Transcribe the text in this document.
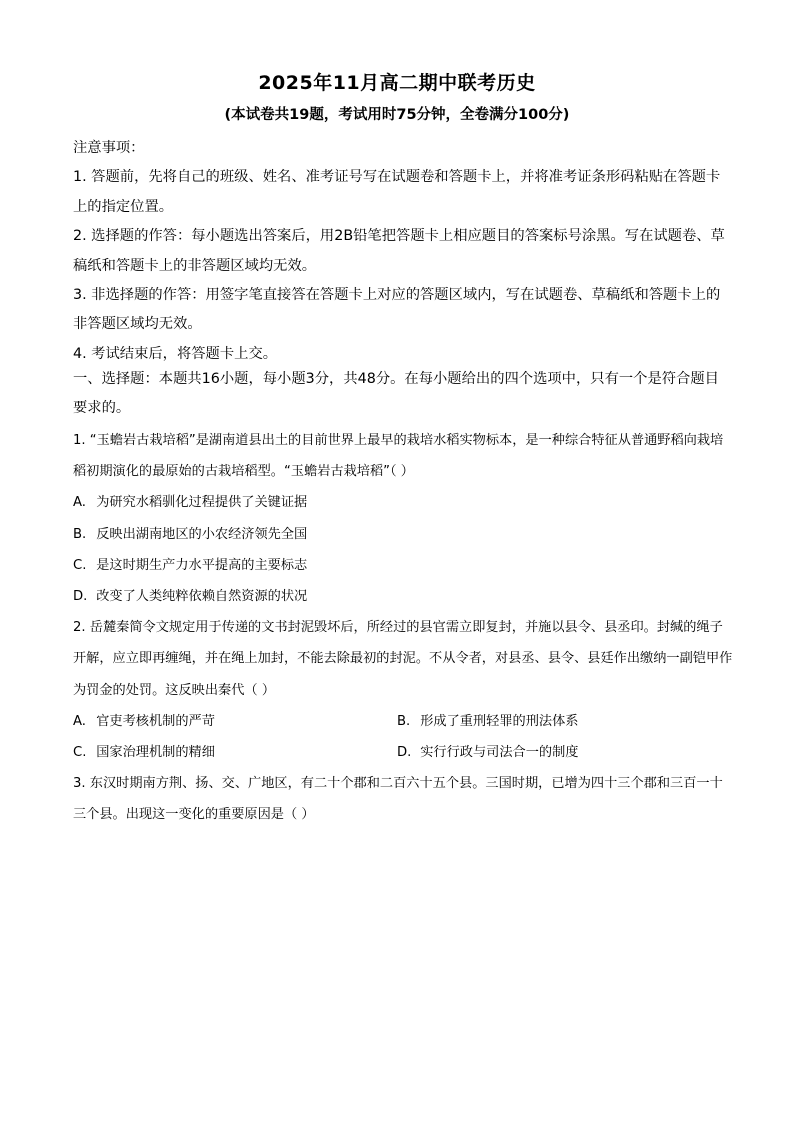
2025年11月高二期中联考历史
(本试卷共19题，考试用时75分钟，全卷满分100分)

注意事项：

1. 答题前，先将自己的班级、姓名、准考证号写在试题卷和答题卡上，并将准考证条形码粘贴在答题卡上的指定位置。

2. 选择题的作答：每小题选出答案后，用2B铅笔把答题卡上相应题目的答案标号涂黑。写在试题卷、草稿纸和答题卡上的非答题区域均无效。

3. 非选择题的作答：用签字笔直接答在答题卡上对应的答题区域内，写在试题卷、草稿纸和答题卡上的非答题区域均无效。

4. 考试结束后，将答题卡上交。

一、选择题：本题共16小题，每小题3分，共48分。在每小题给出的四个选项中，只有一个是符合题目要求的。

1. “玉蟾岩古栽培稻”是湖南道县出土的目前世界上最早的栽培水稻实物标本，是一种综合特征从普通野稻向栽培稻初期演化的最原始的古栽培稻型。“玉蟾岩古栽培稻”（ ）

A. 为研究水稻驯化过程提供了关键证据
B. 反映出湖南地区的小农经济领先全国
C. 是这时期生产力水平提高的主要标志
D. 改变了人类纯粹依赖自然资源的状况

2. 岳麓秦简令文规定用于传递的文书封泥毁坏后，所经过的县官需立即复封，并施以县令、县丞印。封缄的绳子开解，应立即再缠绳，并在绳上加封，不能去除最初的封泥。不从令者，对县丞、县令、县廷作出缴纳一副铠甲作为罚金的处罚。这反映出秦代（ ）

A. 官吏考核机制的严苛	B. 形成了重刑轻罪的刑法体系
C. 国家治理机制的精细	D. 实行行政与司法合一的制度

3. 东汉时期南方荆、扬、交、广地区，有二十个郡和二百六十五个县。三国时期，已增为四十三个郡和三百一十三个县。出现这一变化的重要原因是（ ）
